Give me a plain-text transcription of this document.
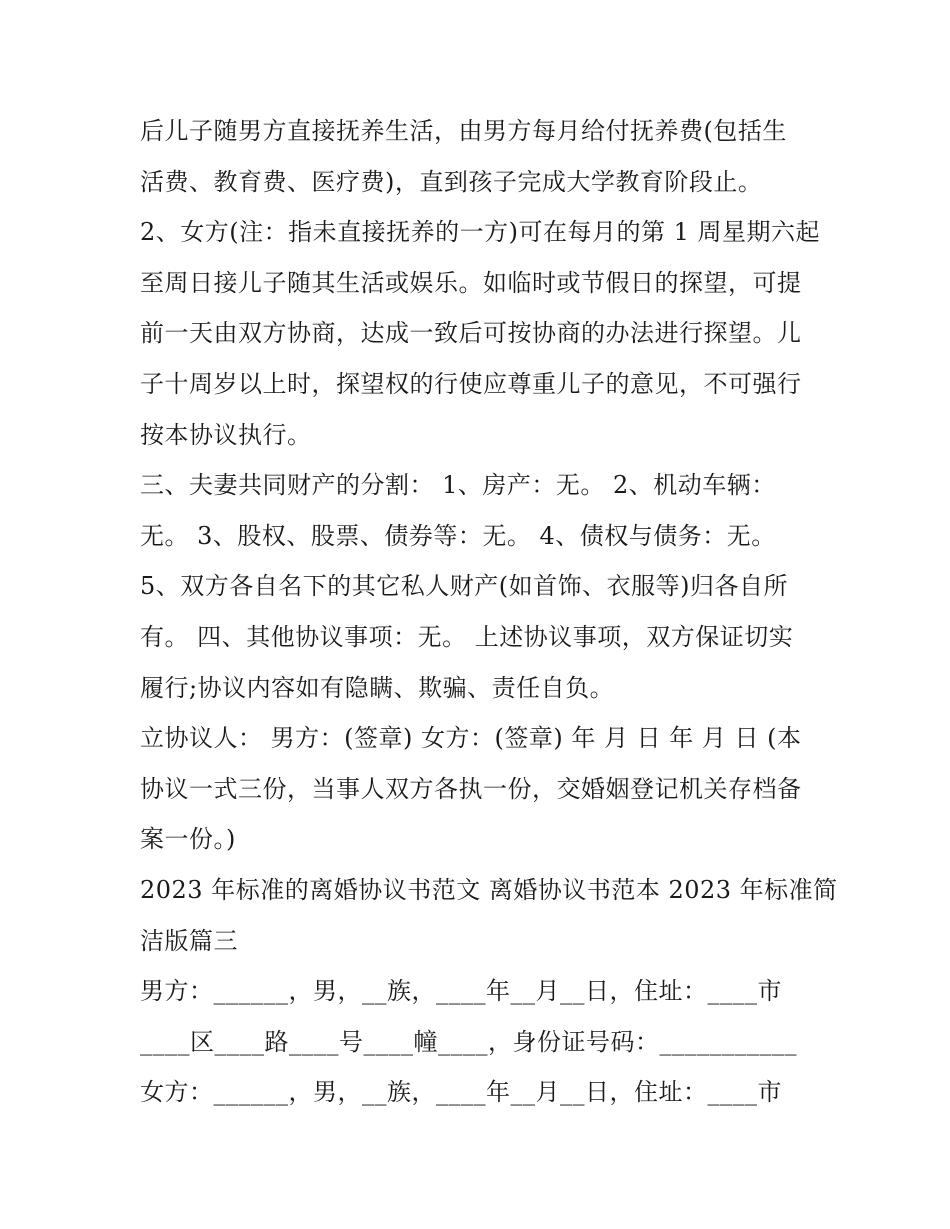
后儿子随男方直接抚养生活，由男方每月给付抚养费(包括生
活费、教育费、医疗费)，直到孩子完成大学教育阶段止。
2、女方(注：指未直接抚养的一方)可在每月的第 1 周星期六起
至周日接儿子随其生活或娱乐。如临时或节假日的探望，可提
前一天由双方协商，达成一致后可按协商的办法进行探望。儿
子十周岁以上时，探望权的行使应尊重儿子的意见，不可强行
按本协议执行。
三、夫妻共同财产的分割： 1、房产：无。 2、机动车辆：
无。 3、股权、股票、债券等：无。 4、债权与债务：无。
5、双方各自名下的其它私人财产(如首饰、衣服等)归各自所
有。 四、其他协议事项：无。 上述协议事项，双方保证切实
履行;协议内容如有隐瞒、欺骗、责任自负。
立协议人： 男方：(签章) 女方：(签章) 年 月 日 年 月 日 (本
协议一式三份，当事人双方各执一份，交婚姻登记机关存档备
案一份。)
2023 年标准的离婚协议书范文 离婚协议书范本 2023 年标准简
洁版篇三
男方：______，男，__族，____年__月__日，住址：____市
____区____路____号____幢____，身份证号码：___________
女方：______，男，__族，____年__月__日，住址：____市
